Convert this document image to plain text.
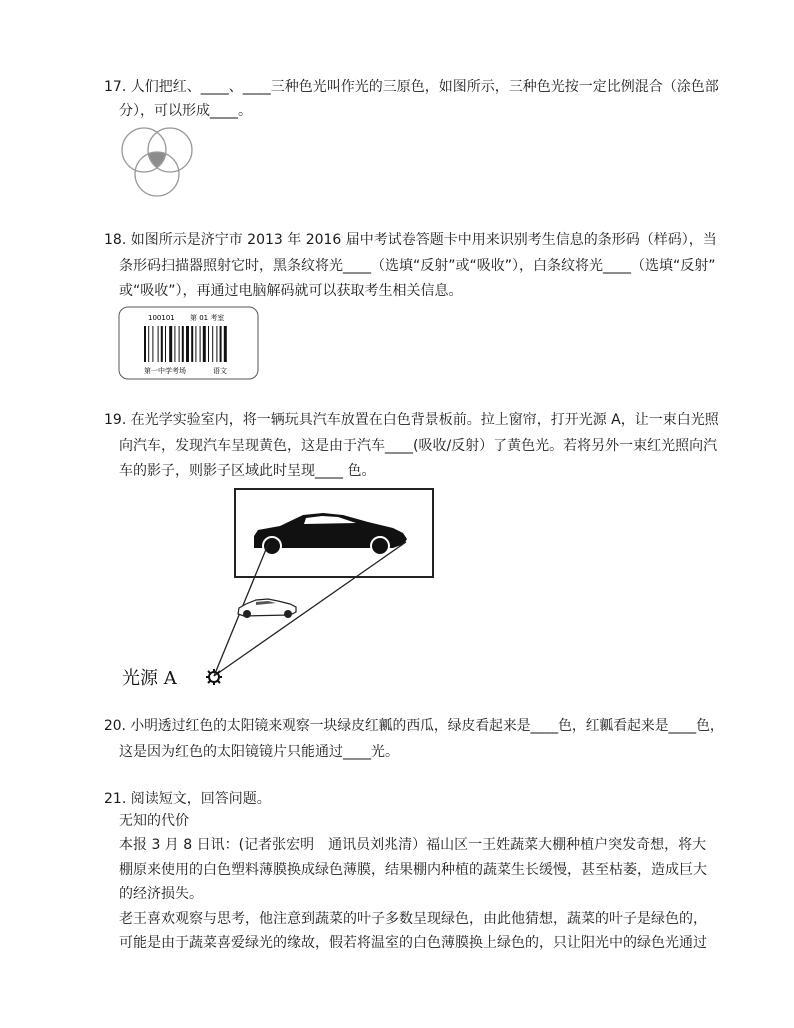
17. 人们把红、____、____三种色光叫作光的三原色，如图所示，三种色光按一定比例混合（涂色部
分），可以形成____。
18. 如图所示是济宁市 2013 年 2016 届中考试卷答题卡中用来识别考生信息的条形码（样码），当
条形码扫描器照射它时，黑条纹将光____（选填“反射”或“吸收”），白条纹将光____（选填“反射”
或“吸收”），再通过电脑解码就可以获取考生相关信息。
100101 第 01 考室
第一中学考场	语文
19. 在光学实验室内，将一辆玩具汽车放置在白色背景板前。拉上窗帘，打开光源 A，让一束白光照
向汽车，发现汽车呈现黄色，这是由于汽车____(吸收/反射）了黄色光。若将另外一束红光照向汽
车的影子，则影子区域此时呈现____ 色。
光源 A
20. 小明透过红色的太阳镜来观察一块绿皮红瓤的西瓜，绿皮看起来是____色，红瓤看起来是____色，
这是因为红色的太阳镜镜片只能通过____光。
21. 阅读短文，回答问题。
无知的代价
本报 3 月 8 日讯：(记者张宏明　通讯员刘兆清）福山区一王姓蔬菜大棚种植户突发奇想，将大
棚原来使用的白色塑料薄膜换成绿色薄膜，结果棚内种植的蔬菜生长缓慢，甚至枯萎，造成巨大
的经济损失。
老王喜欢观察与思考，他注意到蔬菜的叶子多数呈现绿色，由此他猜想，蔬菜的叶子是绿色的，
可能是由于蔬菜喜爱绿光的缘故，假若将温室的白色薄膜换上绿色的，只让阳光中的绿色光通过
